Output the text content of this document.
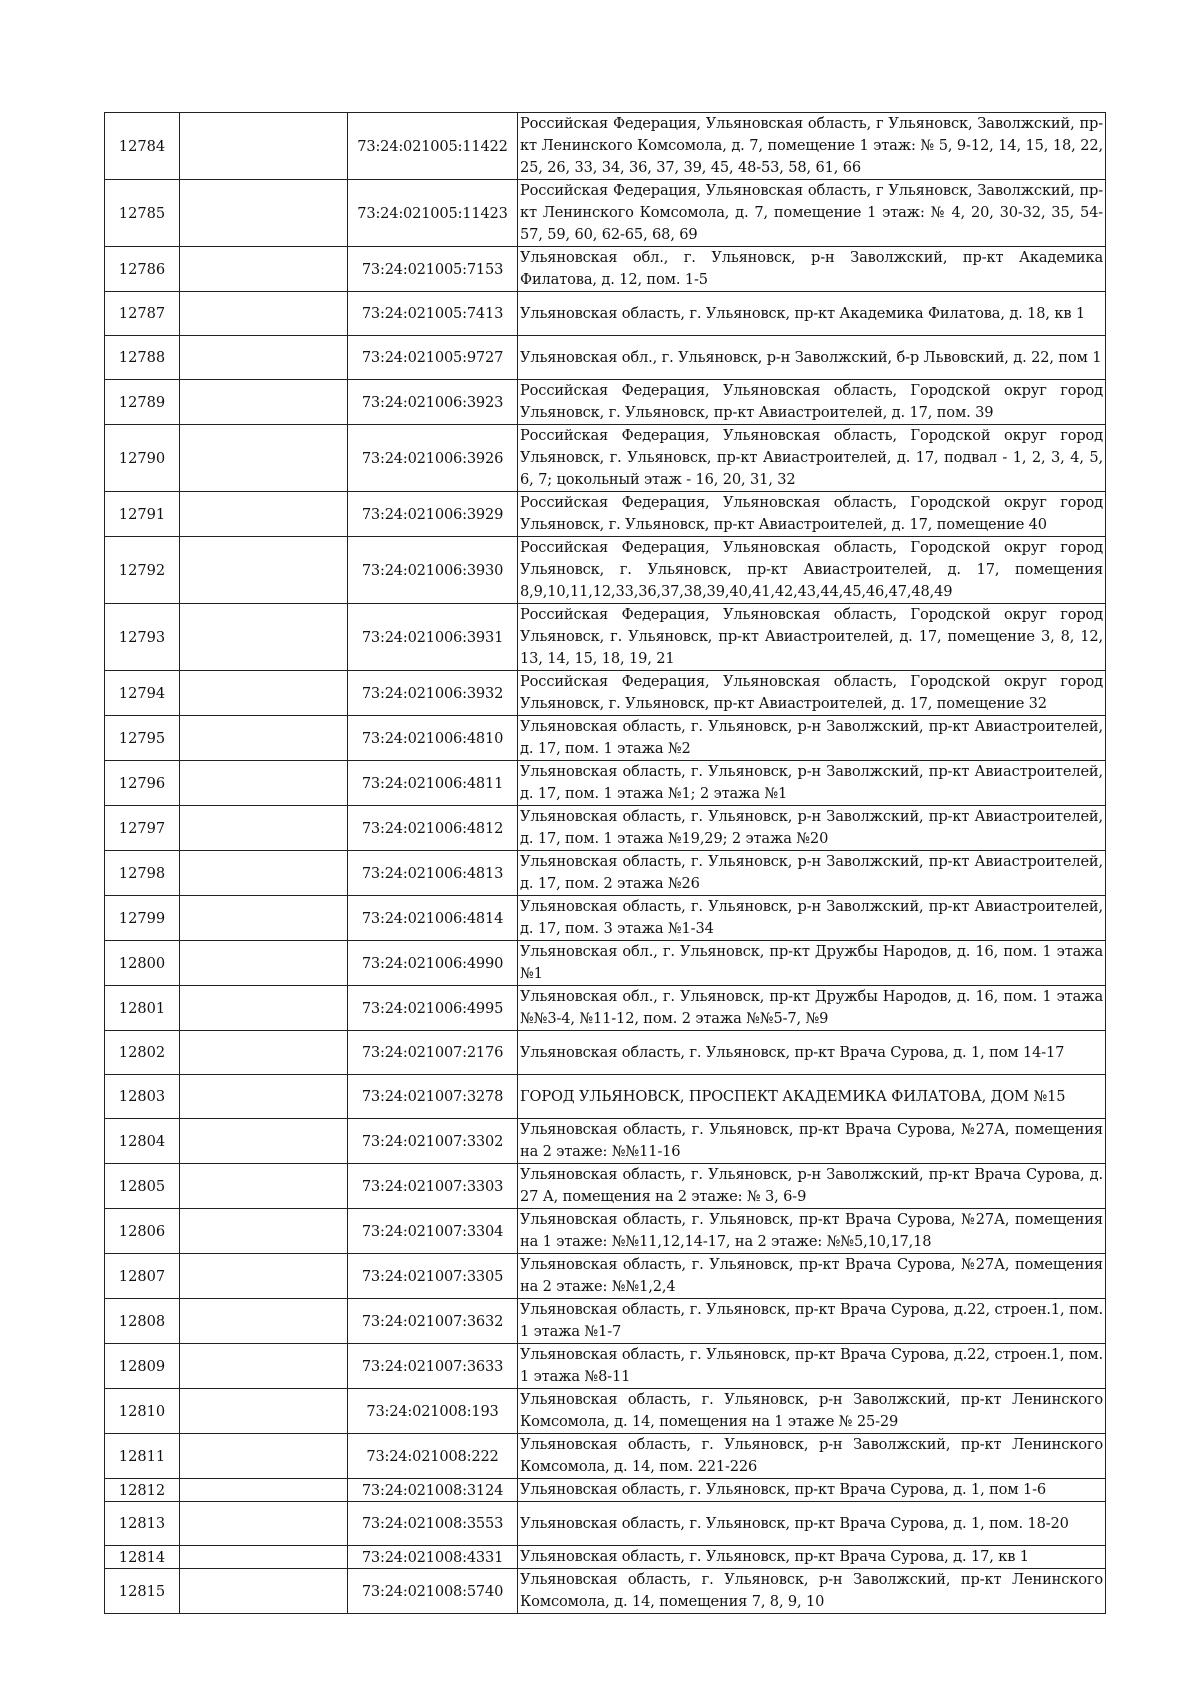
12784		73:24:021005:11422	Российская Федерация, Ульяновская область, г Ульяновск, Заволжский, пр-кт Ленинского Комсомола, д. 7, помещение 1 этаж: № 5, 9-12, 14, 15, 18, 22, 25, 26, 33, 34, 36, 37, 39, 45, 48-53, 58, 61, 66
12785		73:24:021005:11423	Российская Федерация, Ульяновская область, г Ульяновск, Заволжский, пр-кт Ленинского Комсомола, д. 7, помещение 1 этаж: № 4, 20, 30-32, 35, 54-57, 59, 60, 62-65, 68, 69
12786		73:24:021005:7153	Ульяновская обл., г. Ульяновск, р-н Заволжский, пр-кт Академика Филатова, д. 12, пом. 1-5
12787		73:24:021005:7413	Ульяновская область, г. Ульяновск, пр-кт Академика Филатова, д. 18, кв 1
12788		73:24:021005:9727	Ульяновская обл., г. Ульяновск, р-н Заволжский, б-р Львовский, д. 22, пом 1
12789		73:24:021006:3923	Российская Федерация, Ульяновская область, Городской округ город Ульяновск, г. Ульяновск, пр-кт Авиастроителей, д. 17, пом. 39
12790		73:24:021006:3926	Российская Федерация, Ульяновская область, Городской округ город Ульяновск, г. Ульяновск, пр-кт Авиастроителей, д. 17, подвал - 1, 2, 3, 4, 5, 6, 7; цокольный этаж - 16, 20, 31, 32
12791		73:24:021006:3929	Российская Федерация, Ульяновская область, Городской округ город Ульяновск, г. Ульяновск, пр-кт Авиастроителей, д. 17, помещение 40
12792		73:24:021006:3930	Российская Федерация, Ульяновская область, Городской округ город Ульяновск, г. Ульяновск, пр-кт Авиастроителей, д. 17, помещения 8,9,10,11,12,33,36,37,38,39,40,41,42,43,44,45,46,47,48,49
12793		73:24:021006:3931	Российская Федерация, Ульяновская область, Городской округ город Ульяновск, г. Ульяновск, пр-кт Авиастроителей, д. 17, помещение 3, 8, 12, 13, 14, 15, 18, 19, 21
12794		73:24:021006:3932	Российская Федерация, Ульяновская область, Городской округ город Ульяновск, г. Ульяновск, пр-кт Авиастроителей, д. 17, помещение 32
12795		73:24:021006:4810	Ульяновская область, г. Ульяновск, р-н Заволжский, пр-кт Авиастроителей, д. 17, пом. 1 этажа №2
12796		73:24:021006:4811	Ульяновская область, г. Ульяновск, р-н Заволжский, пр-кт Авиастроителей, д. 17, пом. 1 этажа №1; 2 этажа №1
12797		73:24:021006:4812	Ульяновская область, г. Ульяновск, р-н Заволжский, пр-кт Авиастроителей, д. 17, пом. 1 этажа №19,29; 2 этажа №20
12798		73:24:021006:4813	Ульяновская область, г. Ульяновск, р-н Заволжский, пр-кт Авиастроителей, д. 17, пом. 2 этажа №26
12799		73:24:021006:4814	Ульяновская область, г. Ульяновск, р-н Заволжский, пр-кт Авиастроителей, д. 17, пом. 3 этажа №1-34
12800		73:24:021006:4990	Ульяновская обл., г. Ульяновск, пр-кт Дружбы Народов, д. 16, пом. 1 этажа №1
12801		73:24:021006:4995	Ульяновская обл., г. Ульяновск, пр-кт Дружбы Народов, д. 16, пом. 1 этажа №№3-4, №11-12, пом. 2 этажа №№5-7, №9
12802		73:24:021007:2176	Ульяновская область, г. Ульяновск, пр-кт Врача Сурова, д. 1, пом 14-17
12803		73:24:021007:3278	ГОРОД УЛЬЯНОВСК, ПРОСПЕКТ АКАДЕМИКА ФИЛАТОВА, ДОМ №15
12804		73:24:021007:3302	Ульяновская область, г. Ульяновск, пр-кт Врача Сурова, №27А, помещения на 2 этаже: №№11-16
12805		73:24:021007:3303	Ульяновская область, г. Ульяновск, р-н Заволжский, пр-кт Врача Сурова, д. 27 А, помещения на 2 этаже: № 3, 6-9
12806		73:24:021007:3304	Ульяновская область, г. Ульяновск, пр-кт Врача Сурова, №27А, помещения на 1 этаже: №№11,12,14-17, на 2 этаже: №№5,10,17,18
12807		73:24:021007:3305	Ульяновская область, г. Ульяновск, пр-кт Врача Сурова, №27А, помещения на 2 этаже: №№1,2,4
12808		73:24:021007:3632	Ульяновская область, г. Ульяновск, пр-кт Врача Сурова, д.22, строен.1, пом. 1 этажа №1-7
12809		73:24:021007:3633	Ульяновская область, г. Ульяновск, пр-кт Врача Сурова, д.22, строен.1, пом. 1 этажа №8-11
12810		73:24:021008:193	Ульяновская область, г. Ульяновск, р-н Заволжский, пр-кт Ленинского Комсомола, д. 14, помещения на 1 этаже № 25-29
12811		73:24:021008:222	Ульяновская область, г. Ульяновск, р-н Заволжский, пр-кт Ленинского Комсомола, д. 14, пом. 221-226
12812		73:24:021008:3124	Ульяновская область, г. Ульяновск, пр-кт Врача Сурова, д. 1, пом 1-6
12813		73:24:021008:3553	Ульяновская область, г. Ульяновск, пр-кт Врача Сурова, д. 1, пом. 18-20
12814		73:24:021008:4331	Ульяновская область, г. Ульяновск, пр-кт Врача Сурова, д. 17, кв 1
12815		73:24:021008:5740	Ульяновская область, г. Ульяновск, р-н Заволжский, пр-кт Ленинского Комсомола, д. 14, помещения 7, 8, 9, 10
